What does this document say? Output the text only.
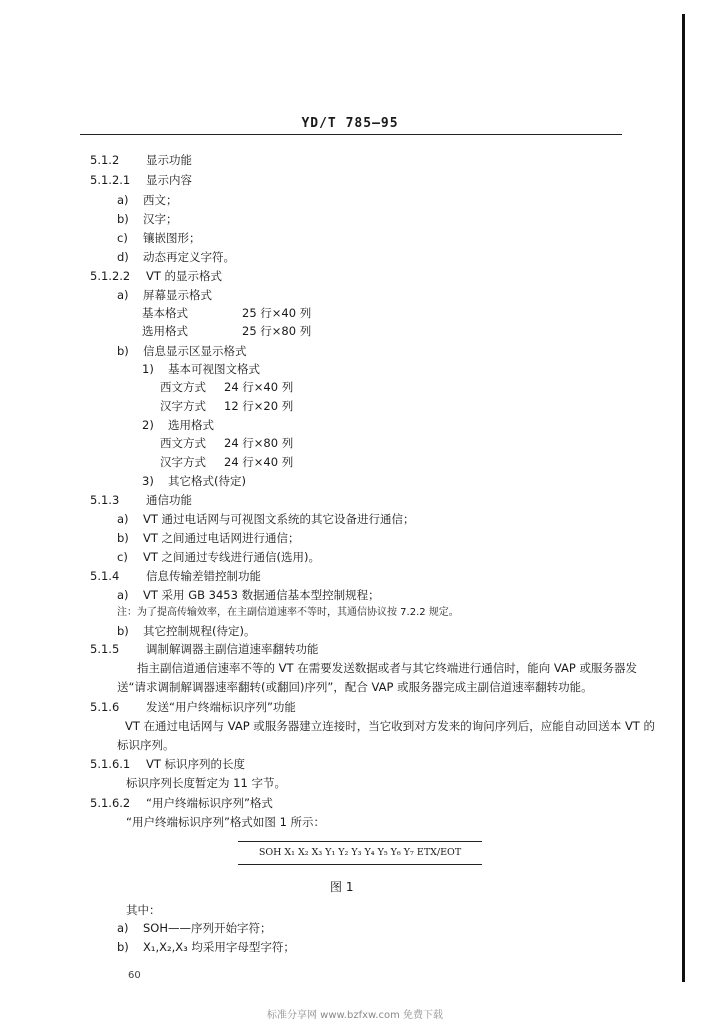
YD/T 785—95
5.1.2 显示功能
5.1.2.1 显示内容
a) 西文；
b) 汉字；
c) 镶嵌图形；
d) 动态再定义字符。
5.1.2.2 VT 的显示格式
a) 屏幕显示格式
基本格式	25 行×40 列
选用格式	25 行×80 列
b) 信息显示区显示格式
1) 基本可视图文格式
西文方式 24 行×40 列
汉字方式 12 行×20 列
2) 选用格式
西文方式 24 行×80 列
汉字方式 24 行×40 列
3) 其它格式(待定)
5.1.3 通信功能
a) VT 通过电话网与可视图文系统的其它设备进行通信；
b) VT 之间通过电话网进行通信；
c) VT 之间通过专线进行通信(选用)。
5.1.4 信息传输差错控制功能
a) VT 采用 GB 3453 数据通信基本型控制规程；
注：为了提高传输效率，在主副信道速率不等时，其通信协议按 7.2.2 规定。
b) 其它控制规程(待定)。
5.1.5 调制解调器主副信道速率翻转功能
指主副信道通信速率不等的 VT 在需要发送数据或者与其它终端进行通信时，能向 VAP 或服务器发送“请求调制解调器速率翻转(或翻回)序列”，配合 VAP 或服务器完成主副信道速率翻转功能。
5.1.6 发送“用户终端标识序列”功能
VT 在通过电话网与 VAP 或服务器建立连接时，当它收到对方发来的询问序列后，应能自动回送本 VT 的标识序列。
5.1.6.1 VT 标识序列的长度
标识序列长度暂定为 11 字节。
5.1.6.2 “用户终端标识序列”格式
“用户终端标识序列”格式如图 1 所示：
SOH X₁ X₂ X₃ Y₁ Y₂ Y₃ Y₄ Y₅ Y₆ Y₇ ETX/EOT
图 1
其中：
a) SOH——序列开始字符；
b) X₁,X₂,X₃ 均采用字母型字符；
60
标准分享网 www.bzfxw.com 免费下载
